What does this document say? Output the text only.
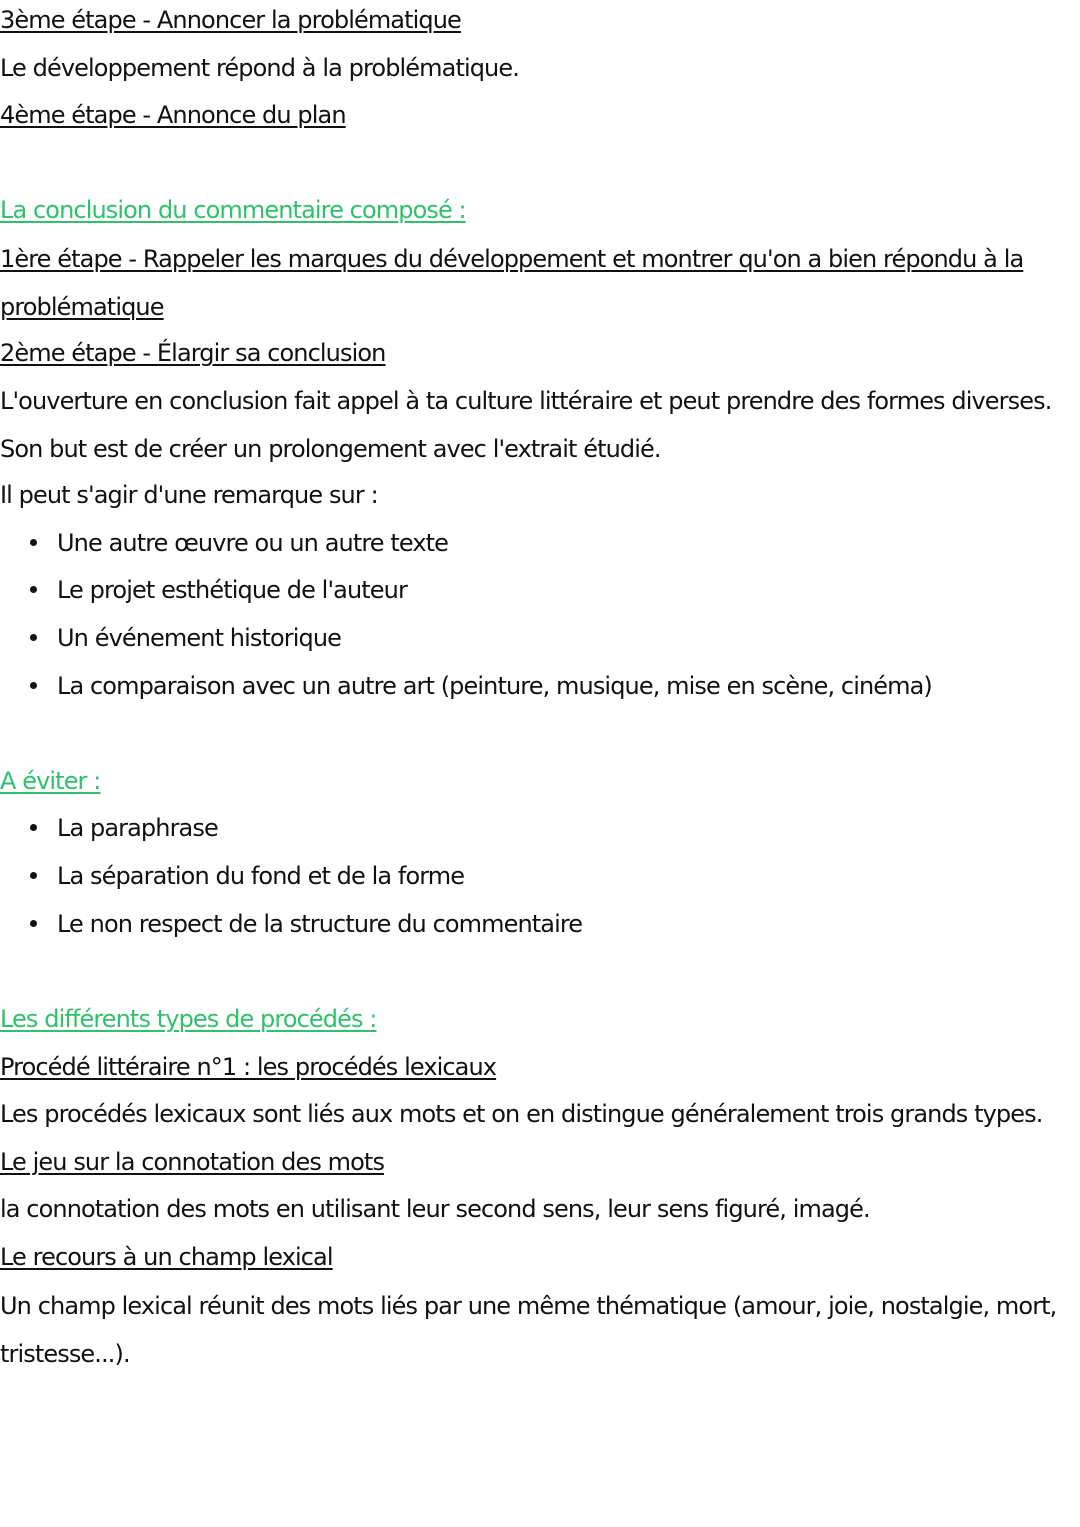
3ème étape - Annoncer la problématique

Le développement répond à la problématique.

4ème étape - Annonce du plan

La conclusion du commentaire composé :

1ère étape - Rappeler les marques du développement et montrer qu'on a bien répondu à la problématique

2ème étape - Élargir sa conclusion

L'ouverture en conclusion fait appel à ta culture littéraire et peut prendre des formes diverses. Son but est de créer un prolongement avec l'extrait étudié.

Il peut s'agir d'une remarque sur :

Une autre œuvre ou un autre texte

Le projet esthétique de l'auteur

Un événement historique

La comparaison avec un autre art (peinture, musique, mise en scène, cinéma)

A éviter :

La paraphrase

La séparation du fond et de la forme

Le non respect de la structure du commentaire

Les différents types de procédés :

Procédé littéraire n°1 : les procédés lexicaux

Les procédés lexicaux sont liés aux mots et on en distingue généralement trois grands types.

Le jeu sur la connotation des mots

la connotation des mots en utilisant leur second sens, leur sens figuré, imagé.

Le recours à un champ lexical

Un champ lexical réunit des mots liés par une même thématique (amour, joie, nostalgie, mort, tristesse...).
